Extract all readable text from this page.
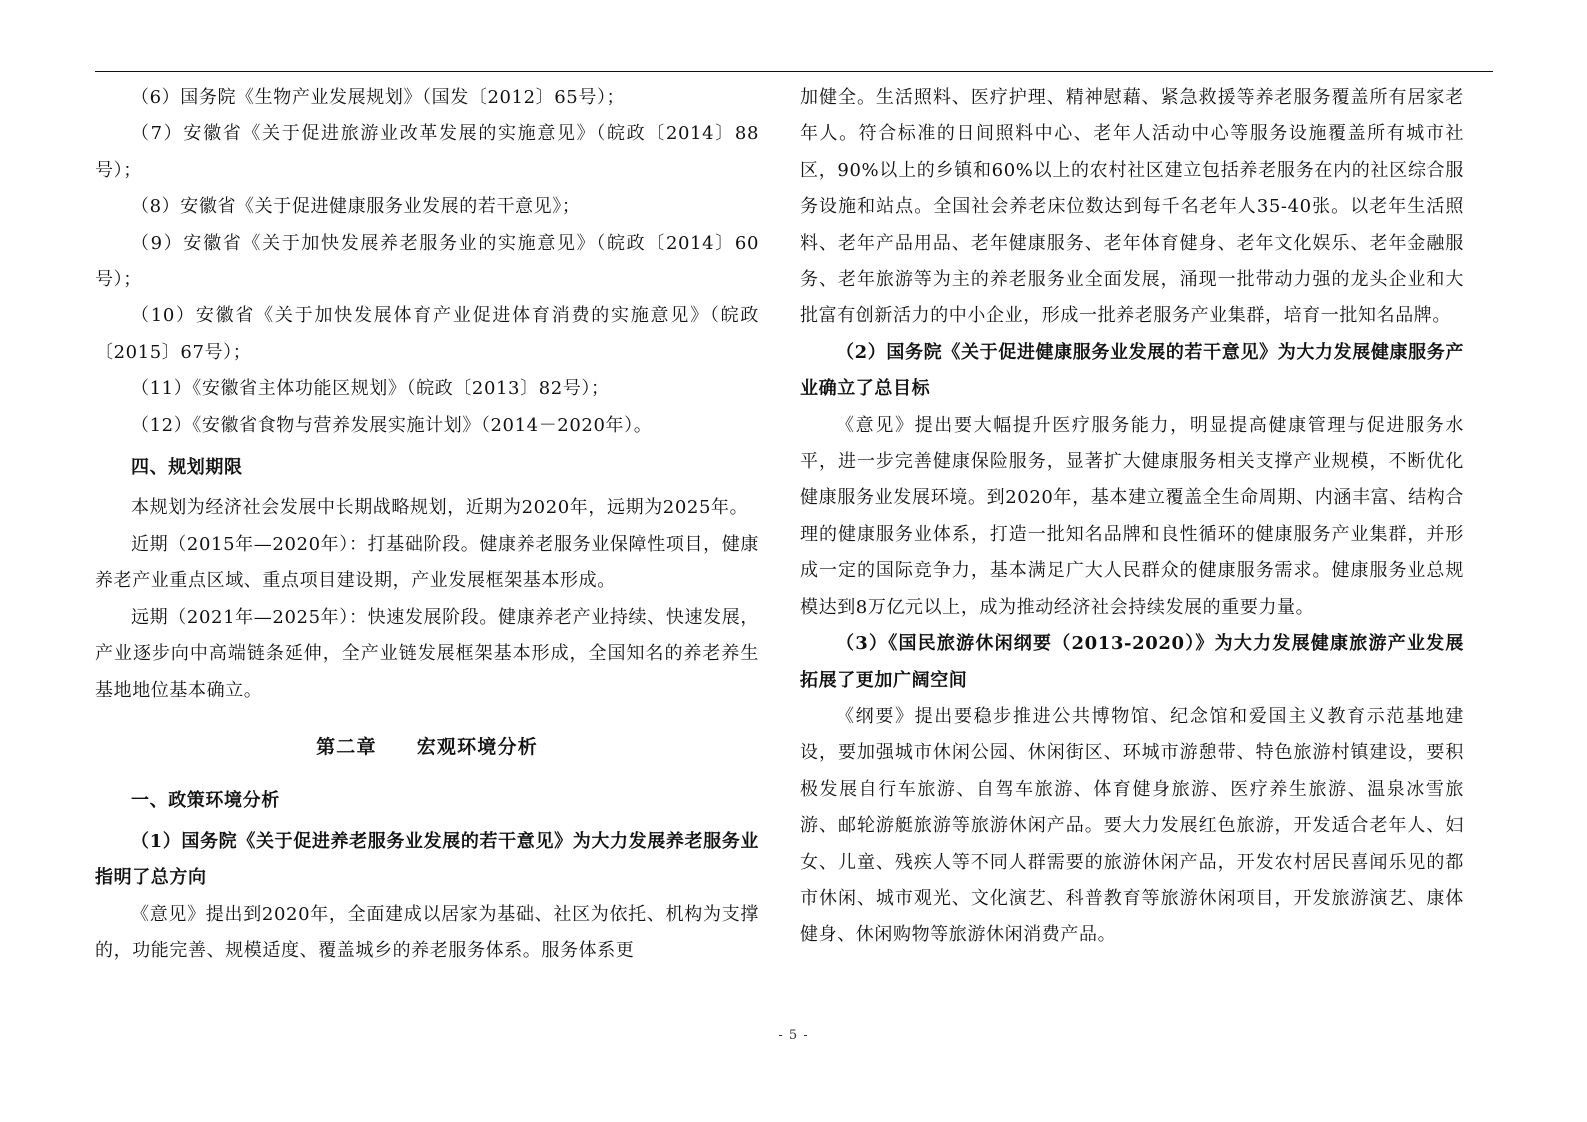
（6）国务院《生物产业发展规划》（国发〔2012〕65号）；

（7）安徽省《关于促进旅游业改革发展的实施意见》（皖政〔2014〕88号）；

（8）安徽省《关于促进健康服务业发展的若干意见》；

（9）安徽省《关于加快发展养老服务业的实施意见》（皖政〔2014〕60号）；

（10）安徽省《关于加快发展体育产业促进体育消费的实施意见》（皖政〔2015〕67号）；

（11）《安徽省主体功能区规划》（皖政〔2013〕82号）；

（12）《安徽省食物与营养发展实施计划》（2014－2020年）。

四、规划期限

本规划为经济社会发展中长期战略规划，近期为2020年，远期为2025年。

近期（2015年—2020年）：打基础阶段。健康养老服务业保障性项目，健康养老产业重点区域、重点项目建设期，产业发展框架基本形成。

远期（2021年—2025年）：快速发展阶段。健康养老产业持续、快速发展，产业逐步向中高端链条延伸，全产业链发展框架基本形成，全国知名的养老养生基地地位基本确立。

第二章 宏观环境分析

一、政策环境分析

（1）国务院《关于促进养老服务业发展的若干意见》为大力发展养老服务业指明了总方向

《意见》提出到2020年，全面建成以居家为基础、社区为依托、机构为支撑的，功能完善、规模适度、覆盖城乡的养老服务体系。服务体系更

加健全。生活照料、医疗护理、精神慰藉、紧急救援等养老服务覆盖所有居家老年人。符合标准的日间照料中心、老年人活动中心等服务设施覆盖所有城市社区，90%以上的乡镇和60%以上的农村社区建立包括养老服务在内的社区综合服务设施和站点。全国社会养老床位数达到每千名老年人35-40张。以老年生活照料、老年产品用品、老年健康服务、老年体育健身、老年文化娱乐、老年金融服务、老年旅游等为主的养老服务业全面发展，涌现一批带动力强的龙头企业和大批富有创新活力的中小企业，形成一批养老服务产业集群，培育一批知名品牌。

（2）国务院《关于促进健康服务业发展的若干意见》为大力发展健康服务产业确立了总目标

《意见》提出要大幅提升医疗服务能力，明显提高健康管理与促进服务水平，进一步完善健康保险服务，显著扩大健康服务相关支撑产业规模，不断优化健康服务业发展环境。到2020年，基本建立覆盖全生命周期、内涵丰富、结构合理的健康服务业体系，打造一批知名品牌和良性循环的健康服务产业集群，并形成一定的国际竞争力，基本满足广大人民群众的健康服务需求。健康服务业总规模达到8万亿元以上，成为推动经济社会持续发展的重要力量。

（3）《国民旅游休闲纲要（2013-2020）》为大力发展健康旅游产业发展拓展了更加广阔空间

《纲要》提出要稳步推进公共博物馆、纪念馆和爱国主义教育示范基地建设，要加强城市休闲公园、休闲街区、环城市游憩带、特色旅游村镇建设，要积极发展自行车旅游、自驾车旅游、体育健身旅游、医疗养生旅游、温泉冰雪旅游、邮轮游艇旅游等旅游休闲产品。要大力发展红色旅游，开发适合老年人、妇女、儿童、残疾人等不同人群需要的旅游休闲产品，开发农村居民喜闻乐见的都市休闲、城市观光、文化演艺、科普教育等旅游休闲项目，开发旅游演艺、康体健身、休闲购物等旅游休闲消费产品。

- 5 -
